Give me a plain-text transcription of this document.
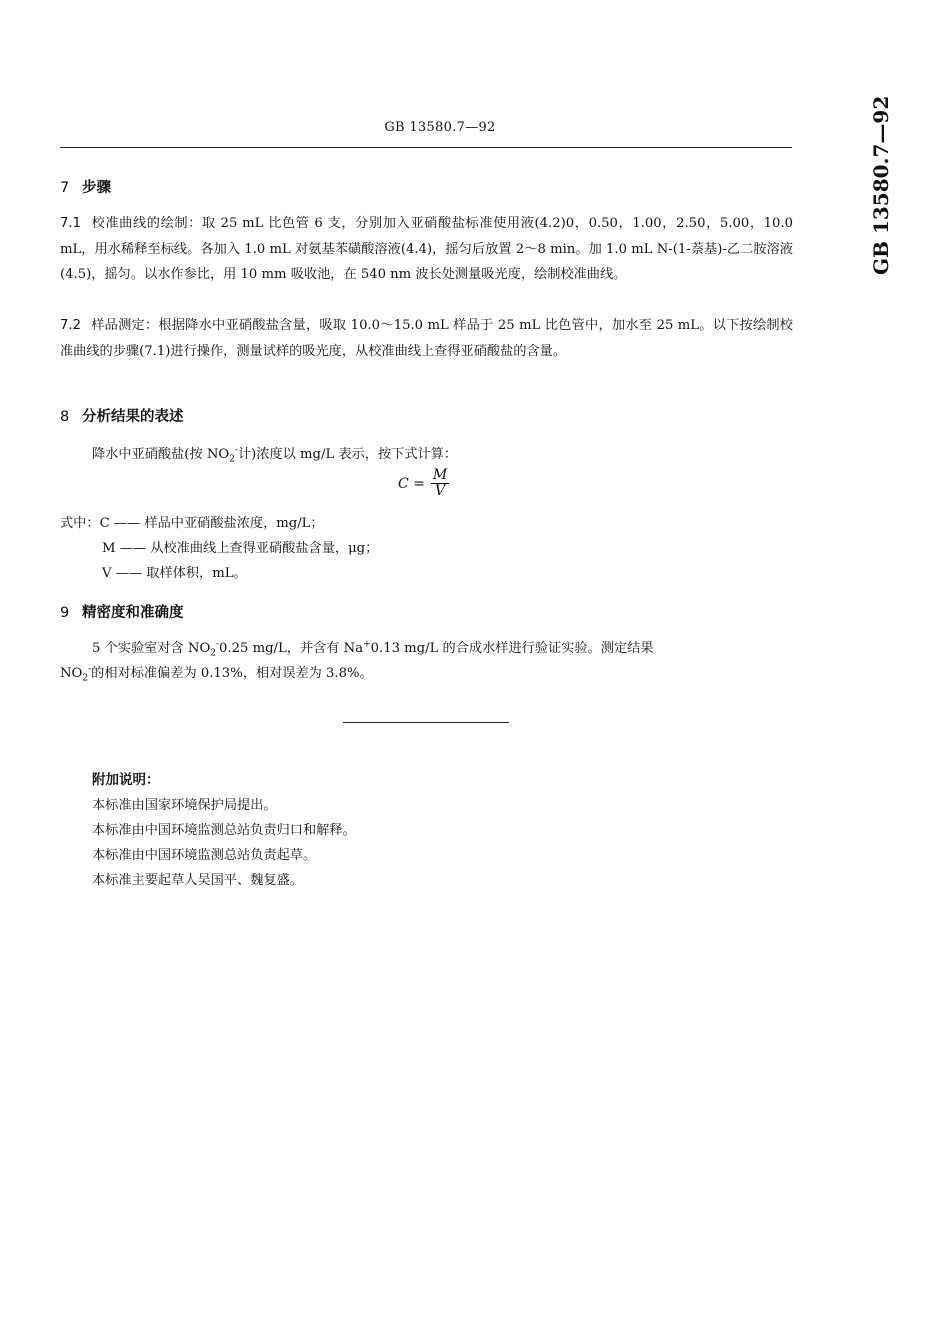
GB 13580.7—92	GB 13580.7—92
7 步骤
7.1 校准曲线的绘制：取 25 mL 比色管 6 支，分别加入亚硝酸盐标准使用液(4.2)0，0.50，1.00，2.50，5.00，10.0 mL，用水稀释至标线。各加入 1.0 mL 对氨基苯磺酸溶液(4.4)，摇匀后放置 2～8 min。加 1.0 mL N-(1-萘基)-乙二胺溶液(4.5)，摇匀。以水作参比，用 10 mm 吸收池，在 540 nm 波长处测量吸光度，绘制校准曲线。
7.2 样品测定：根据降水中亚硝酸盐含量，吸取 10.0～15.0 mL 样品于 25 mL 比色管中，加水至 25 mL。以下按绘制校准曲线的步骤(7.1)进行操作，测量试样的吸光度，从校准曲线上查得亚硝酸盐的含量。
8 分析结果的表述
降水中亚硝酸盐(按 $NO_2^-$计)浓度以 mg/L 表示，按下式计算：
$C = \frac{M}{V}$
式中：C —— 样品中亚硝酸盐浓度，mg/L；
M —— 从校准曲线上查得亚硝酸盐含量，μg；
V —— 取样体积，mL。
9 精密度和准确度
5 个实验室对含 $NO_2^-0.25$ mg/L，并含有 Na+0.13 mg/L 的合成水样进行验证实验。测定结果
$NO_2^-$的相对标准偏差为 0.13%，相对误差为 3.8%。
附加说明：
本标准由国家环境保护局提出。
本标准由中国环境监测总站负责归口和解释。
本标准由中国环境监测总站负责起草。
本标准主要起草人吴国平、魏复盛。
